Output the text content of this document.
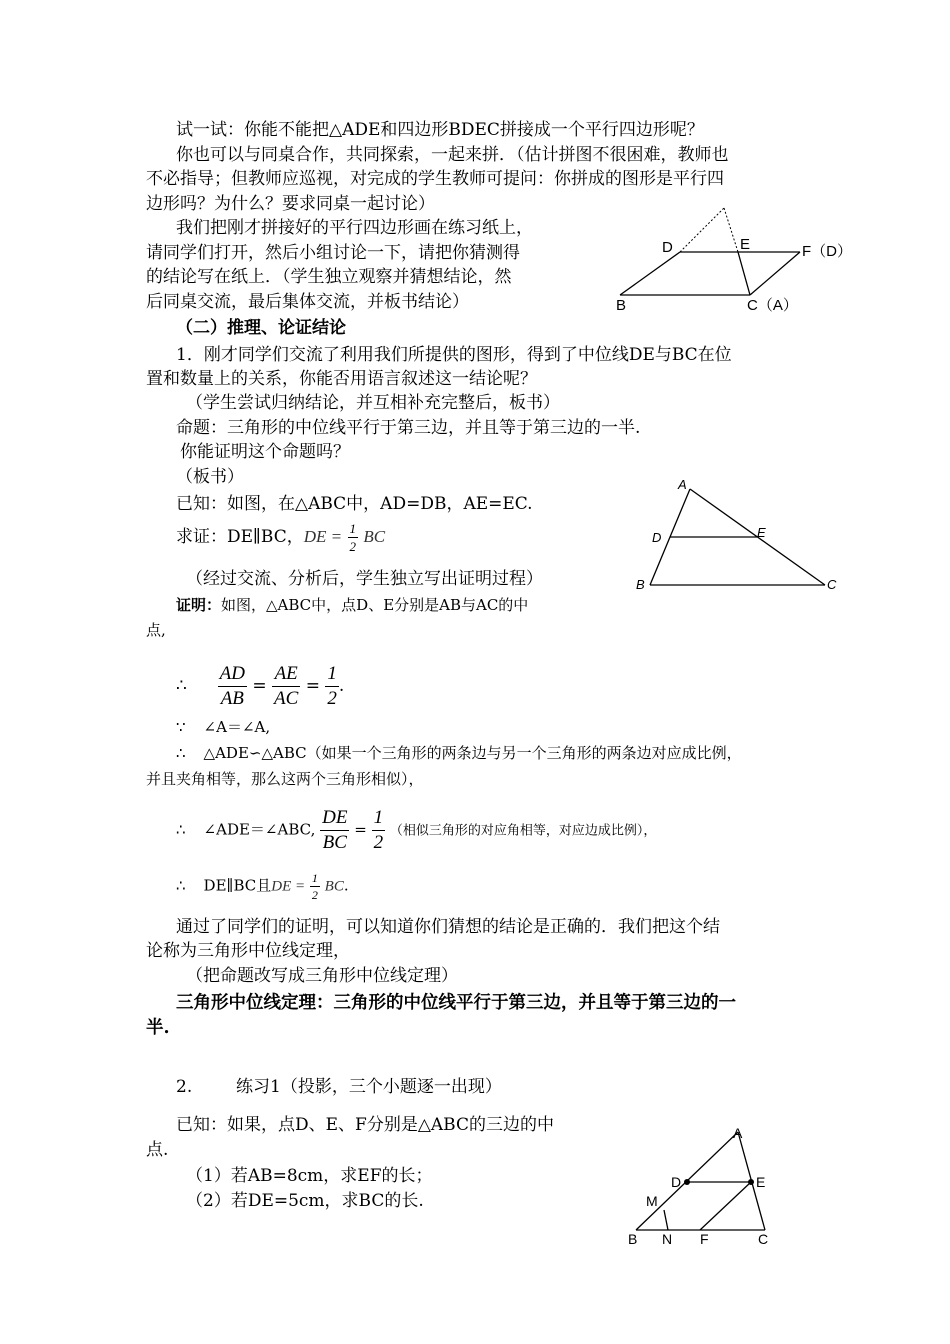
试一试：你能不能把△ADE和四边形BDEC拼接成一个平行四边形呢？
你也可以与同桌合作，共同探索，一起来拼．（估计拼图不很困难，教师也
不必指导；但教师应巡视，对完成的学生教师可提问：你拼成的图形是平行四
边形吗？为什么？要求同桌一起讨论）
我们把刚才拼接好的平行四边形画在练习纸上，
请同学们打开，然后小组讨论一下，请把你猜测得
的结论写在纸上．（学生独立观察并猜想结论，然
后同桌交流，最后集体交流，并板书结论）
D	E	F（D）
B	C（A）
（二）推理、论证结论
1．刚才同学们交流了利用我们所提供的图形，得到了中位线DE与BC在位
置和数量上的关系，你能否用语言叙述这一结论呢？
（学生尝试归纳结论，并互相补充完整后，板书）
命题：三角形的中位线平行于第三边，并且等于第三边的一半.
你能证明这个命题吗？
（板书）
已知：如图，在△ABC中，AD=DB，AE=EC.
求证：DE∥BC，DE = $\frac{1}{2}$ BC
（经过交流、分析后，学生独立写出证明过程）
A
D	E
B	C
证明：如图，△ABC中，点D、E分别是AB与AC的中
点,
∴ $\frac{AD}{AB} = \frac{AE}{AC} = \frac{1}{2}$ .
∵ ∠A＝∠A,
∴ △ADE∽△ABC（如果一个三角形的两条边与另一个三角形的两条边对应成比例，
并且夹角相等，那么这两个三角形相似），
∴ ∠ADE＝∠ABC, $\frac{DE}{BC} = \frac{1}{2}$ （相似三角形的对应角相等，对应边成比例），
∴ DE∥BC且DE = $\frac{1}{2}$ BC.
通过了同学们的证明，可以知道你们猜想的结论是正确的．我们把这个结
论称为三角形中位线定理，
（把命题改写成三角形中位线定理）
三角形中位线定理：三角形的中位线平行于第三边，并且等于第三边的一
半.
2.	练习1（投影，三个小题逐一出现）
已知：如果，点D、E、F分别是△ABC的三边的中
点.
（1）若AB=8cm，求EF的长；
（2）若DE=5cm，求BC的长.
A
D	E
M
B N F	C
